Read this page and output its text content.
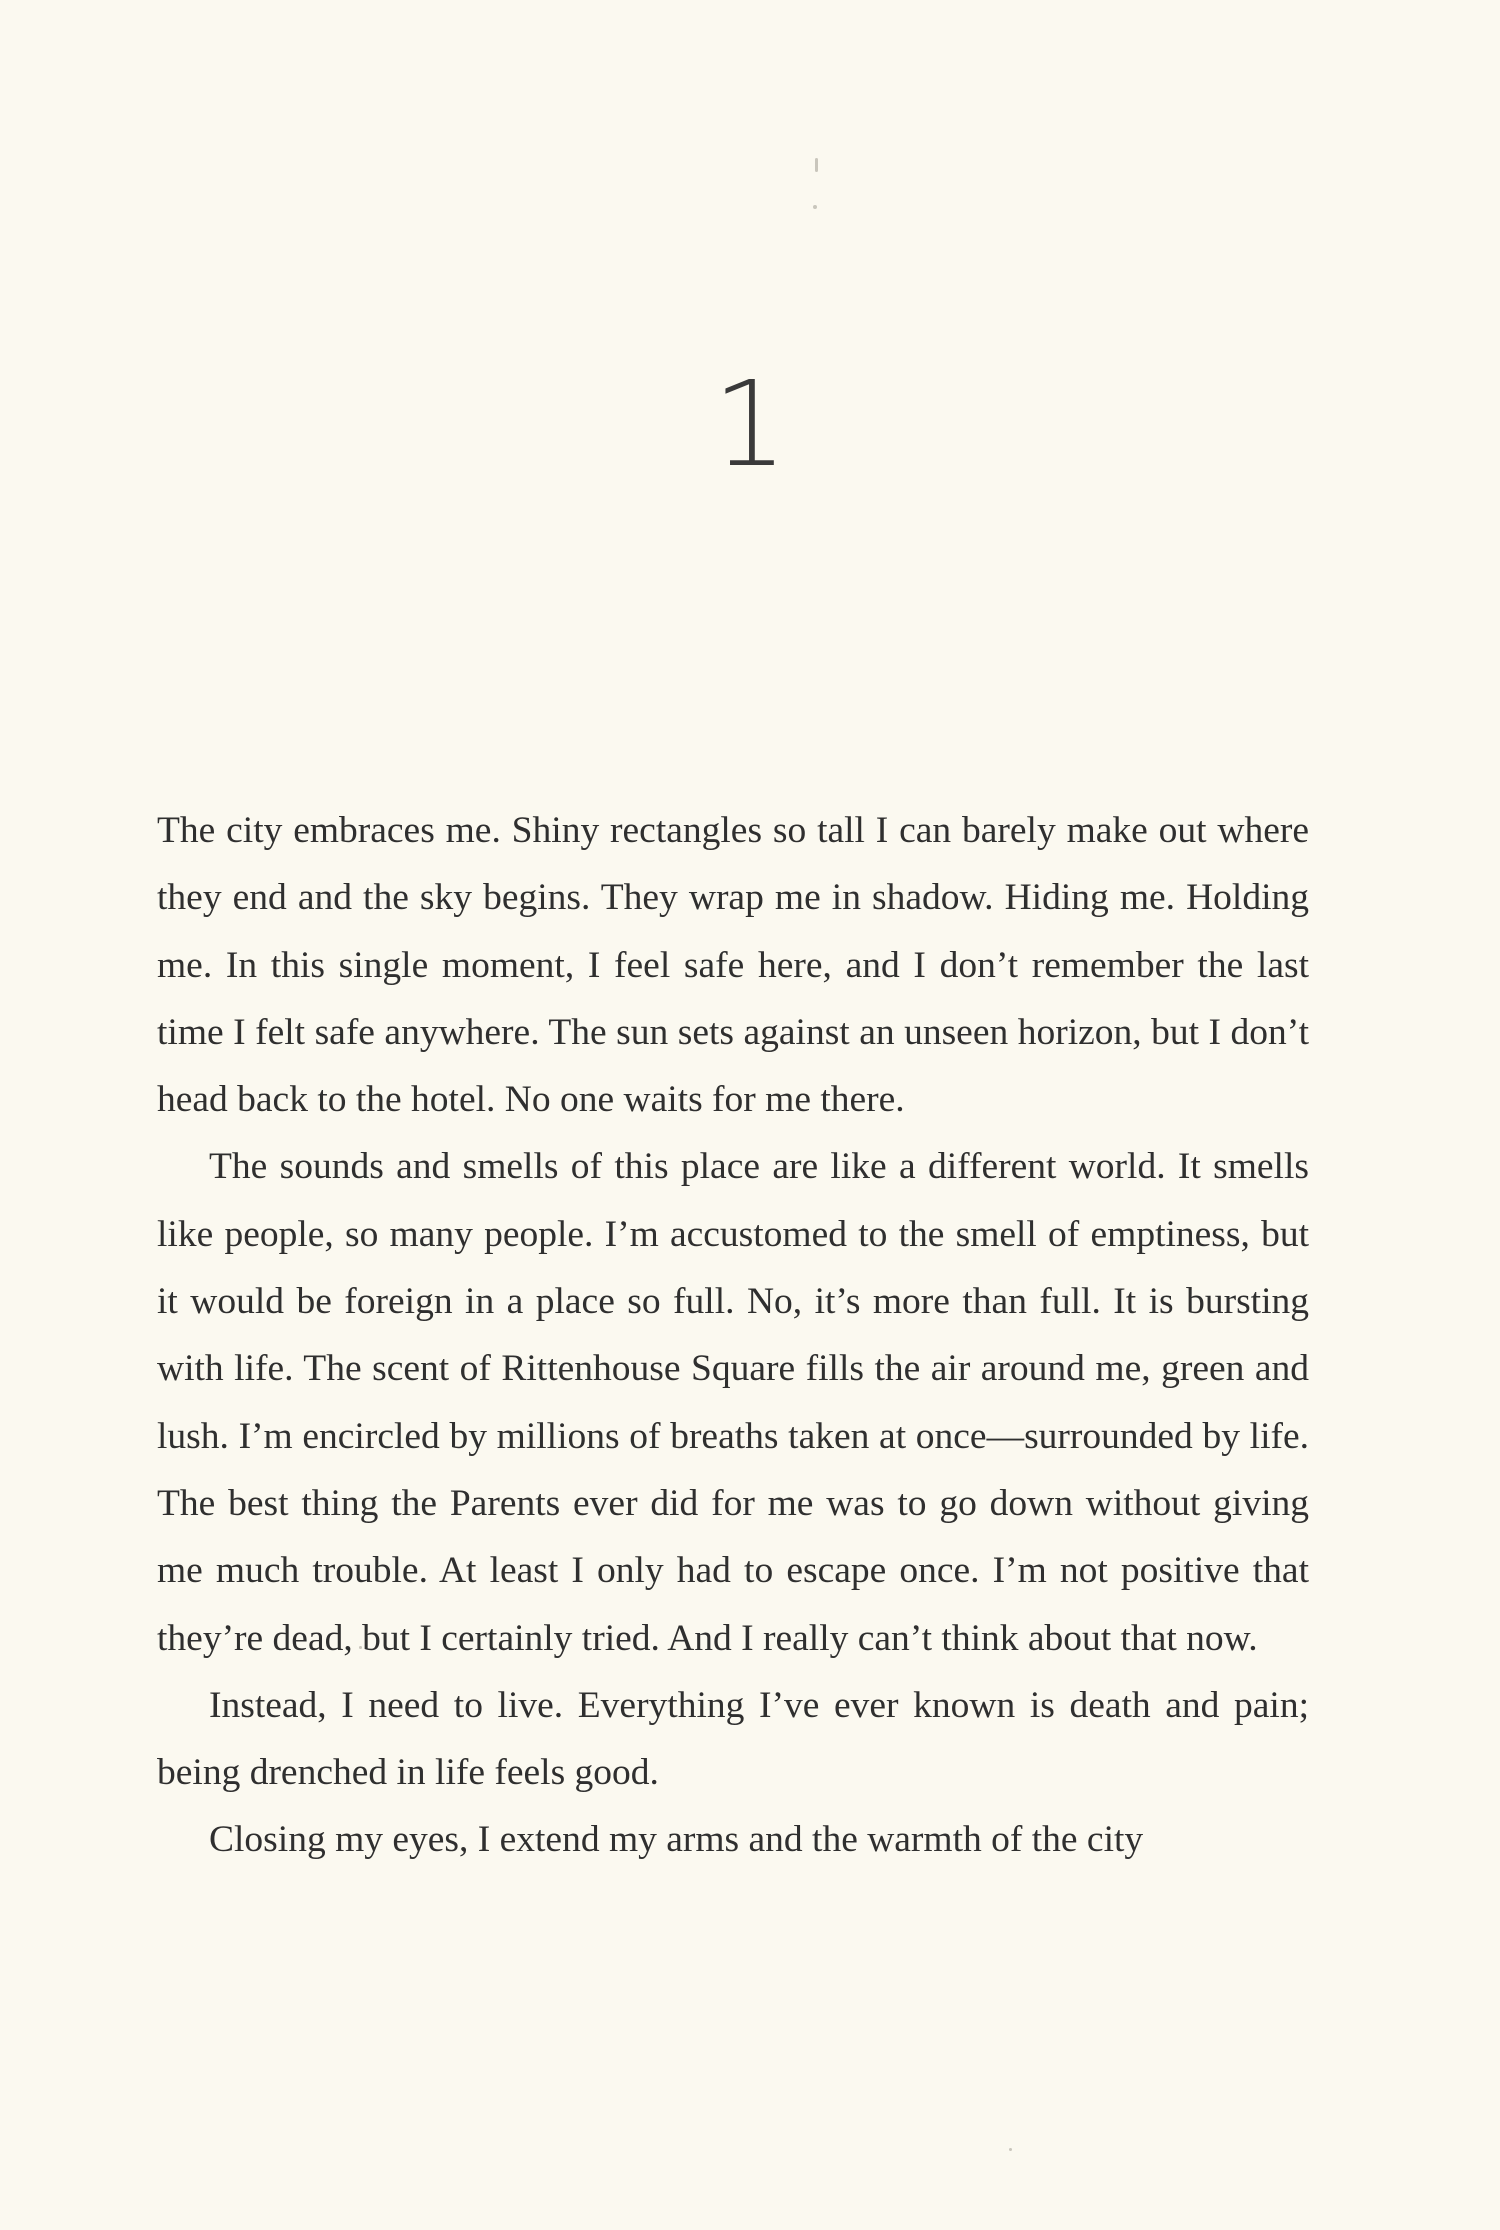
1

The city embraces me. Shiny rectangles so tall I can barely make out where they end and the sky begins. They wrap me in shadow. Hiding me. Holding me. In this single moment, I feel safe here, and I don’t remember the last time I felt safe anywhere. The sun sets against an unseen horizon, but I don’t head back to the hotel. No one waits for me there.

The sounds and smells of this place are like a different world. It smells like people, so many people. I’m accustomed to the smell of emptiness, but it would be foreign in a place so full. No, it’s more than full. It is bursting with life. The scent of Rittenhouse Square fills the air around me, green and lush. I’m encircled by millions of breaths taken at once—surrounded by life. The best thing the Parents ever did for me was to go down without giving me much trouble. At least I only had to escape once. I’m not positive that they’re dead, but I certainly tried. And I really can’t think about that now.

Instead, I need to live. Everything I’ve ever known is death and pain; being drenched in life feels good.

Closing my eyes, I extend my arms and the warmth of the city
